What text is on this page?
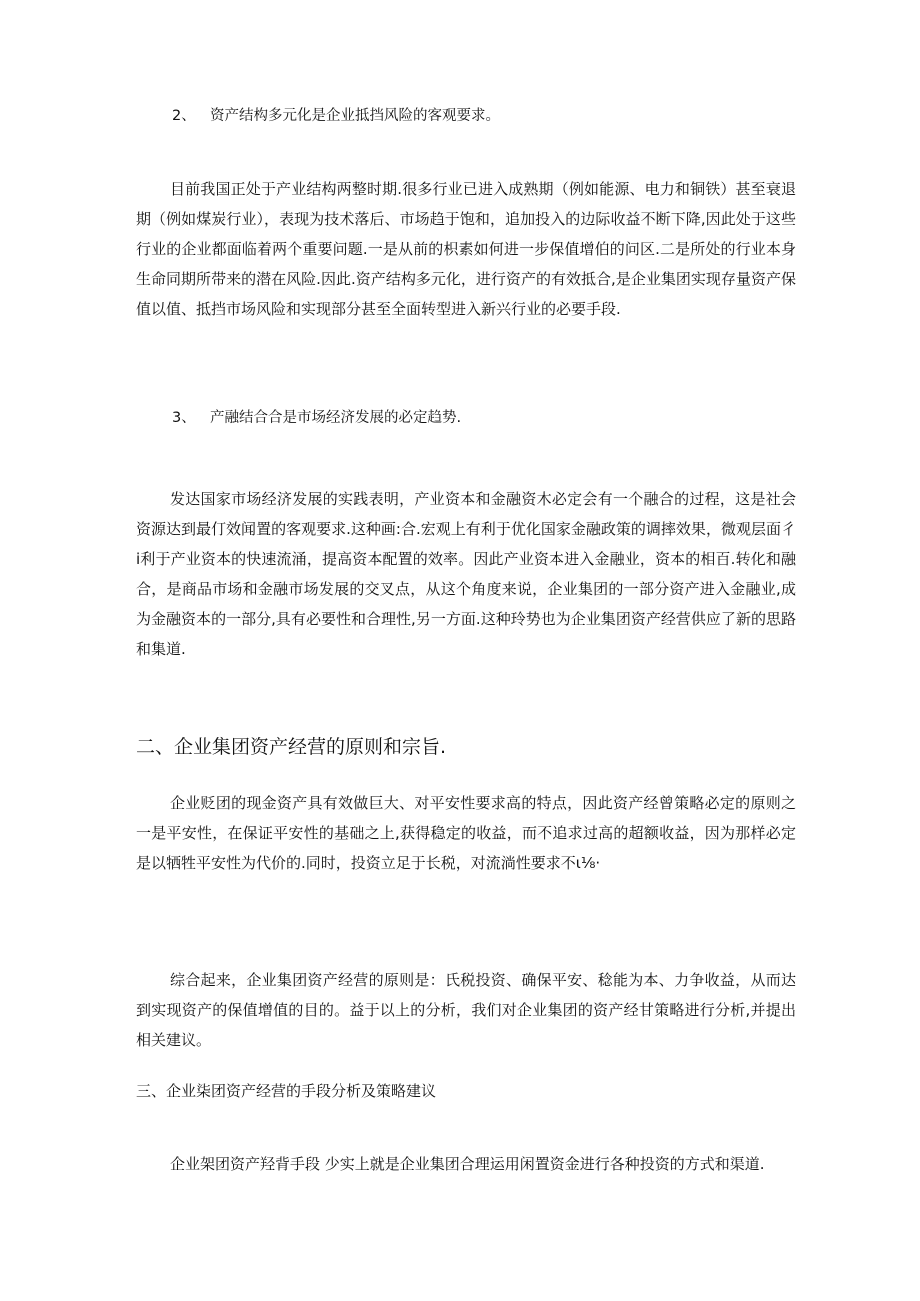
2、 资产结构多元化是企业抵挡风险的客观要求。
目前我国正处于产业结构两整时期.很多行业已进入成熟期（例如能源、电力和铜铁）甚至衰退期（例如煤炭行业），表现为技术落后、市场趋于饱和，追加投入的边际收益不断下降,因此处于这些行业的企业都面临着两个重要问题.一是从前的枳素如何进一步保值增伯的问区.二是所处的行业本身生命同期所带来的潜在风险.因此.资产结构多元化，进行资产的有效抵合,是企业集团实现存量资产保值以值、抵挡市场风险和实现部分甚至全面转型进入新兴行业的必要手段.
3、 产融结合合是市场经济发展的必定趋势.
发达国家市场经济发展的实践表明，产业资本和金融资木必定会有一个融合的过程，这是社会资源达到最仃效闻置的客观要求.这种画:合.宏观上有利于优化国家金融政策的调摔效果，微观层面彳i利于产业资本的快速流涌，提高资本配置的效率。因此产业资本进入金融业，资本的相百.转化和融合，是商品市场和金融市场发展的交叉点，从这个角度来说，企业集团的一部分资产进入金融业,成为金融资本的一部分,具有必要性和合理性,另一方面.这种玲势也为企业集团资产经营供应了新的思路和集道.
二、企业集团资产经营的原则和宗旨.
企业贬团的现金资产具有效做巨大、对平安性要求高的特点，因此资产经曾策略必定的原则之一是平安性，在保证平安性的基础之上,获得稳定的收益，而不追求过高的超额收益，因为那样必定是以牺牲平安性为代价的.同时，投资立足于长税，对流淌性要求不ι⅛·
综合起来，企业集团资产经营的原则是：氏税投资、确保平安、稔能为本、力争收益，从而达到实现资产的保值增值的目的。益于以上的分析，我们对企业集团的资产经甘策略进行分析,并提出相关建议。
三、企业柒团资产经营的手段分析及策略建议
企业架团资产羟背手段 少实上就是企业集团合理运用闲置资金进行各种投资的方式和渠道.
